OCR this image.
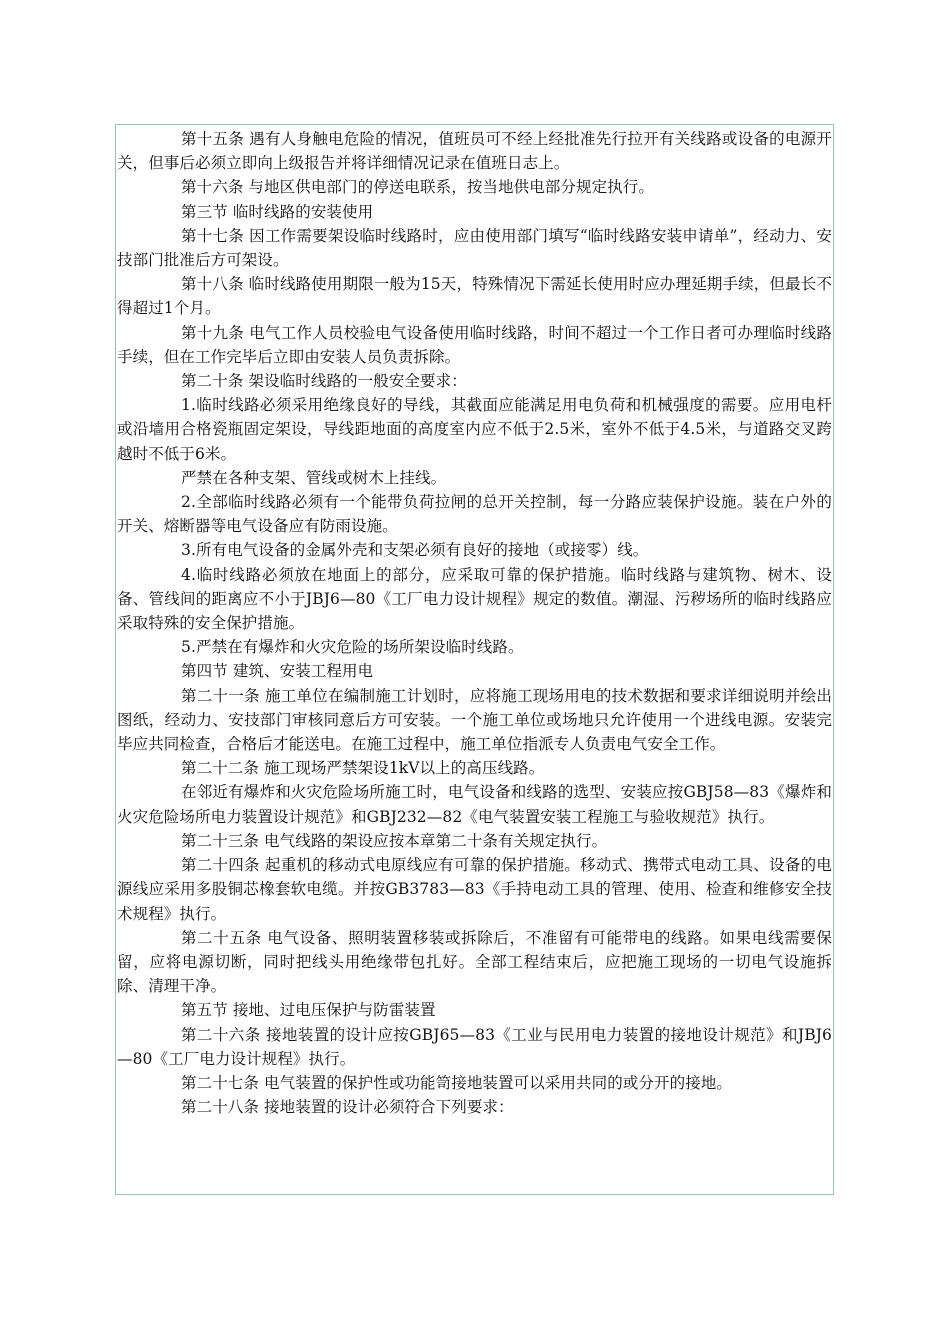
第十五条 遇有人身触电危险的情况，值班员可不经上经批准先行拉开有关线路或设备的电源开关，但事后必须立即向上级报告并将详细情况记录在值班日志上。

第十六条 与地区供电部门的停送电联系，按当地供电部分规定执行。

第三节 临时线路的安装使用

第十七条 因工作需要架设临时线路时，应由使用部门填写“临时线路安装申请单”，经动力、安技部门批准后方可架设。

第十八条 临时线路使用期限一般为15天，特殊情况下需延长使用时应办理延期手续，但最长不得超过1个月。

第十九条 电气工作人员校验电气设备使用临时线路，时间不超过一个工作日者可办理临时线路手续，但在工作完毕后立即由安装人员负责拆除。

第二十条 架设临时线路的一般安全要求：

1.临时线路必须采用绝缘良好的导线，其截面应能满足用电负荷和机械强度的需要。应用电杆或沿墙用合格瓷瓶固定架设，导线距地面的高度室内应不低于2.5米，室外不低于4.5米，与道路交叉跨越时不低于6米。

严禁在各种支架、管线或树木上挂线。

2.全部临时线路必须有一个能带负荷拉闸的总开关控制，每一分路应装保护设施。装在户外的开关、熔断器等电气设备应有防雨设施。

3.所有电气设备的金属外壳和支架必须有良好的接地（或接零）线。

4.临时线路必须放在地面上的部分，应采取可靠的保护措施。临时线路与建筑物、树木、设备、管线间的距离应不小于JBJ6—80《工厂电力设计规程》规定的数值。潮湿、污秽场所的临时线路应采取特殊的安全保护措施。

5.严禁在有爆炸和火灾危险的场所架设临时线路。

第四节 建筑、安装工程用电

第二十一条 施工单位在编制施工计划时，应将施工现场用电的技术数据和要求详细说明并绘出图纸，经动力、安技部门审核同意后方可安装。一个施工单位或场地只允许使用一个进线电源。安装完毕应共同检查，合格后才能送电。在施工过程中，施工单位指派专人负责电气安全工作。

第二十二条 施工现场严禁架设1kV以上的高压线路。

在邻近有爆炸和火灾危险场所施工时，电气设备和线路的选型、安装应按GBJ58—83《爆炸和火灾危险场所电力装置设计规范》和GBJ232—82《电气装置安装工程施工与验收规范》执行。

第二十三条 电气线路的架设应按本章第二十条有关规定执行。

第二十四条 起重机的移动式电原线应有可靠的保护措施。移动式、携带式电动工具、设备的电源线应采用多股铜芯橡套软电缆。并按GB3783—83《手持电动工具的管理、使用、检查和维修安全技术规程》执行。

第二十五条 电气设备、照明装置移装或拆除后，不准留有可能带电的线路。如果电线需要保留，应将电源切断，同时把线头用绝缘带包扎好。全部工程结束后，应把施工现场的一切电气设施拆除、清理干净。

第五节 接地、过电压保护与防雷装置

第二十六条 接地装置的设计应按GBJ65—83《工业与民用电力装置的接地设计规范》和JBJ6—80《工厂电力设计规程》执行。

第二十七条 电气装置的保护性或功能笥接地装置可以采用共同的或分开的接地。

第二十八条 接地装置的设计必须符合下列要求：
